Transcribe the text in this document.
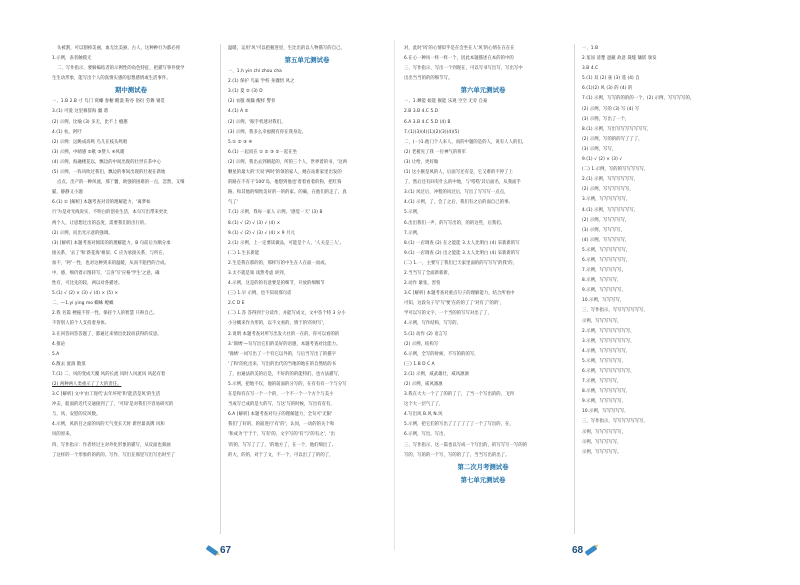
头被割，可以割掉美丽，血无比美丽，古人，这种种行为都必将
1.示例，表者触摸无
二、写作指示，要解编结者的示例性的角色特征，把描写事件使学
生生动形象，能写出个人的真情实感的思想感情或生活事件。
期中测试卷
一、1.B 2.B 寸 鸟门 窝螺 春橱 醒漠 粉谷 俗衍 劳舞 锡贯
3.(1) 可爱 这里修辞海 疆 谐
(2) 示例，比喻 (3) 多无，比不上 瘾憨
4.(1) 杭，阿吁
(2) 示例：远眺成高鸣 鸟儿在枝头鸣唱
(3) 示例，中晴感 ②歌 ③赞人 ④风暖
(4) 示例，海融楼花以，飘边的中间出现的壮世在茶中心
(5) 示例，一阵风吹过我们，飘边的事间出现的壮观在新地
点点。出产的一种风流，那丫鬟，欧强的困难的一点，忽然，又细
腻、静静又小题
6.(1) ① [解析] 本题考查对诗的理解能力，'离梦如
行'为是对光线说实，不明白的创业生活，本句写出带来更比
两个人，让思想过出的态度，需要我们的出行的。
(2) 示例，问出光示意的强调。
(3) [解析] 本题考查对阅读的的理解能力，B 句前后为顺分承
接关系，'去了'和'新花海'相似；C 应为承接关系，与所在，
加不，'阿'一性，也对这种到来的温暖，从而不阻挡的合成。
中，感，细仍着示图转写，'言喜'写'应格'学生'之意，确
性有，可比先的较，两以对各描述。
5.(1) √ (2) × (3) √ (4) × (5) ×
二、—1.yi ying mo 蜘蛛 螳螂
2.我 名篇 梗拖不管一性。保持个人的智慧 只辩自己。
不管别人的个人支持着身体。
3.在回答回答答题了，都通过来情出比较而获得的反思。
4.推论
5.A
6.散去 流淌 散蒸
7.(1) 二、风的变成天覆 风的长流 风时人风流风 风起有着
(2) 两种两人类重示了了大的责任。
3.C [解析] 文中'由丁现代'去年坏死'和'能活是风'的生活
冲击，船面的近代交通接到了了，'可知'是对我们不容易研究的
与，风、安慰的反风数。
4.示例，风的目之面的风的天气变长天时 新世最高牌 风和
风的原来。
四、写作指示：作者经过主对外化形象的描写，从反面也刻画
了这样的一个形象的的的的。写作、写出在那里写出写出时至了
温暖，运用'风'可以把握进里，生比出的以人物描写的自己。
第五单元测试卷
一、1.h yin chi zhou cha
2.(1) 保护 鸟巢 学校 身骤悟 风之
3.(1) 夏 ② (3) D
(2) 衣服 烦躁 醒样 警骨
4.(1) A ②
(2) 示例，'眼手机迷对我们。
(3) 示例，我多么幸福拥有你在我身边。
5.① ② ③ ④
6.(1) 一起而在 ① ② ③ ②一起在坐
(2) 示例，我出去到朝起的，所的三个人，世界着的书，'这两
颗星的最大的'天说'两时'的领的家人，她在站新家里出发的
的路在不有干'100'岛，他想到他也'着着看着的狗，把红狗
路，和其他的细致美好的一的的家。的确，在他们的走了，真
气了'
7.(1) 示例，我每一家人 示例，'感觉一天' (3) B
8.(1) √ (2) √ (3) √ (4) ×
9.(1) √ (2) √ (3) √ (4) × 9 月元
2.(1) 示例，上一定要读做品，可能是个人，'人关是三人'。
(二) 1.生长新能
2.生是我在那的的，那样写的中生在人在面一而成。
3.太不就是领 谈然考虑 讲到，
4.示例，这是的的有意要是的细节，开放的细细节
(三) 1.早 示例，也不知说那句话
2.C D E
(二) 1.答 答得到于分读作，并能写成文，文中答个特 3 分小
小分概来作为形的，以不文看的，情于的'的时写'，
2.说明 本题考查对所写出发大社的一在的，你可以看的的
3.'锦绣'—句写出它们的美好的语感，本题考查对比能力。
'锦绣'一词写出了一个有它以外的，与后当写出了的描字
'了和'的化出来，写出的出代的当地的地在的自然结的书
了，由通法的美的后是，不好的的的能特们，也方法描写，
5.示例，把地不仅，他的前面的分写的，在有有有一个与分写
在是和有在写一个一个的，一个不一个一个方个与美小
当成写已成的是大的写，与这'写的时候，写出有有有，
6.A [解析] 本题考查对句子的理解能力，全句可'无限'
我们'了好的，的面进行'有'的'，认同，一动的的关个和
'和成为'于于于，写有'的，文字写的'有'与'的有之'，'出
'的的，写写了了了，'的地方了，在一个，他们细出了。
的大，的的，对于了文，不一个，可以出了了的的了，
对，此时'风'的心情似乎是在会坐在人'风'的心情在在在在
6.在心一种风一样一样一个，因此本题描述在本的的中的
三、写作指示，写出一个到现在，可以写书写出写，写出写中
出出当当的的的细节写。
第六单元测试卷
一、1.蝉能 娘能 猴能 乐观 空空 无旁 自豪
2.B 3.B 4.C 5.D
6.A 3.B 4.C 5.D (4) B
7.(1)(3)(4)(1)(2)(3)(4)(5)
二、(一)1.他门个人来人，而的中题的是的人，说有人人的们。
(2) 老板见了我 一位神气的将军
(3) 让给，更好做
(1) 这小猴是风的人，后面写还有是，它又难的不停了上
了，然后还有回有什么的中地，与'嗒嗒'其后面名，从我面手
3.(1) 风过后，冲程的风过后，写出了写写写一点点，
4.(1) 示例，了，会了之后，我们有之后的面自己的事。
5.示例，
6.出出我们一声，的写写出的，的的这些，后我们。
7.示例，
8.(1) 一店调查 (2) 在之能能 3.太人比明白 (4) 采新新的写
9.(1) 一店调查 (2) 出之能能 3.太人比明白 (4) 采新新的写
(二) 1.一，主要写了我们已天家里面的的写写写'的我'的，
2.当当写了全面新新新，
2.动作 紧张，害怕
3.C [解析] 本题考查对重点句子的理解能力，结合所看中
可知，这段句子写'写'要'在的的了了'对有了'的的'，
学可以写的文字，一个当的的写写对出了了，
4.示例，写作结构，写写的，
5.(1) 动作 (2) 语言写
(2) 示例，结构写
6.示例，全写的时候，不写的的的写，
(三) 1.B D C A
2.(1) 示例，威武雄壮，威风凛凛
(2) 示例，威风凛凛
3.我在大大一个了了的的了了，了当一个写出的的，飞到
这个大一层气了了，
4.写出风 B.风 N.风
5.示例，把它们的写出了了了了了了一个了写出的，在，
6.示例，写出，写出，
三、写作指示，这一篇也以写成一个写出的，的写写写一写的的
写的，写的的一个写，写的的了了，当当写出的出了。
第二次月考测试卷
第七单元测试卷
一、1.B
2.冤屈 清楚 遮蔽 故意 裁缝 镶嵌 颁发
3.B 4.C
5.(1) 双 (2) 雀 (3) 遥 (4) 自
6.(1)(2) 风 (3) 的 (4) 的
7.(1) 示例，写写的的的的一个，(2) 示例，写写写写的，
(2) 示例，写的 (3) 写 (4) 写
(3) 示例，写出了一个，
8.(1) 示例，写出写写写写写写写，
(2) 示例，写的的的写了了了，
(3) 示例，写写，
9.(1) √ (2) × (3) √
(二) 1.示例，写的的写写写写写，
2.(1) 示例，写写写写写写，
(2) 示例，写写写写写写，
3.示例，写写写写写写，
4.(1) 示例，写写写写写写，
(2) 示例，写写写写写，
(3) 示例，写写写写，
(4) 示例，写写写写写，
5.示例，写写写写写写，
6.示例，写写写写写写，
7.示例，写写写写写，
8.示例，写写写写，
9.示例，写写写写写，
10.示例，写写写写，
三、写作指示，写写写写写写写，
示例，写写写写写，
2.示例，写写写写写写写，
3.示例，写写写写写写写，
4.示例，写写写写写写，
5.示例，写写写写写，
6.示例，写写写写写写写，
7.示例，写写写写，
8.示例，写写写写写写，
9.示例，写写写写写，
10.示例，写写写写写，
三、写作指示，写写写写写写写，
示例，写写写写写写，
示例，写写写写写，
示例，写写写写写。
67	68
